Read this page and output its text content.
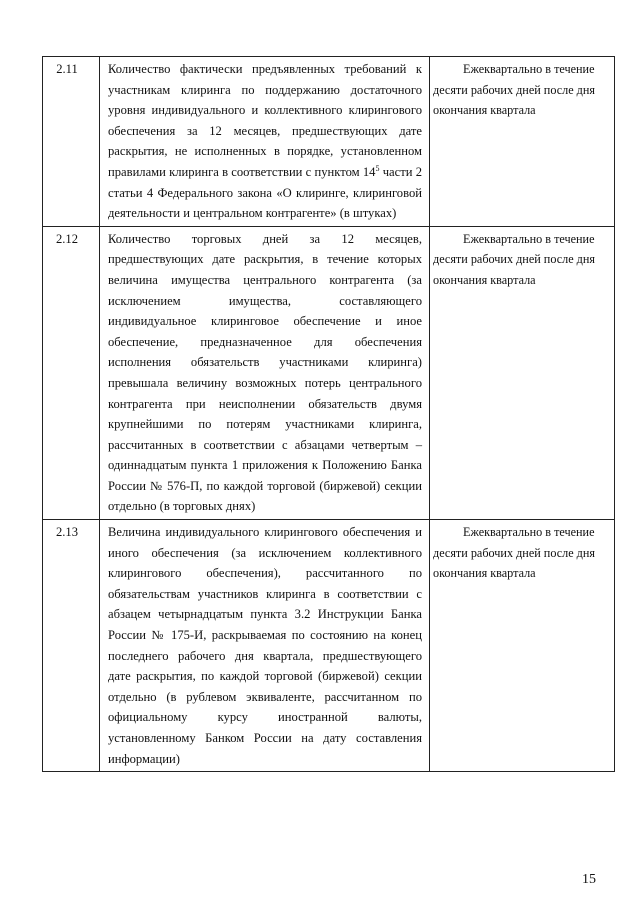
2.11	Количество фактически предъявленных требований к участникам клиринга по поддержанию достаточного уровня индивидуального и коллективного клирингового обеспечения за 12 месяцев, предшествующих дате раскрытия, не исполненных в порядке, установленном правилами клиринга в соответствии с пунктом $14^5$ части 2 статьи 4 Федерального закона «О клиринге, клиринговой деятельности и центральном контрагенте» (в штуках)	Ежеквартально в течение
десяти рабочих дней после дня окончания квартала
2.12	Количество торговых дней за 12 месяцев, предшествующих дате раскрытия, в течение которых величина имущества центрального контрагента (за исключением имущества, составляющего индивидуальное клиринговое обеспечение и иное обеспечение, предназначенное для обеспечения исполнения обязательств участниками клиринга) превышала величину возможных потерь центрального контрагента при неисполнении обязательств двумя крупнейшими по потерям участниками клиринга, рассчитанных в соответствии с абзацами четвертым – одиннадцатым пункта 1 приложения к Положению Банка России № 576-П, по каждой торговой (биржевой) секции отдельно (в торговых днях)	Ежеквартально в течение
десяти рабочих дней после дня окончания квартала
2.13	Величина индивидуального клирингового обеспечения и иного обеспечения (за исключением коллективного клирингового обеспечения), рассчитанного по обязательствам участников клиринга в соответствии с абзацем четырнадцатым пункта 3.2 Инструкции Банка России № 175-И, раскрываемая по состоянию на конец последнего рабочего дня квартала, предшествующего дате раскрытия, по каждой торговой (биржевой) секции отдельно (в рублевом эквиваленте, рассчитанном по официальному курсу иностранной валюты, установленному Банком России на дату составления информации)	Ежеквартально в течение
десяти рабочих дней после дня окончания квартала
15
